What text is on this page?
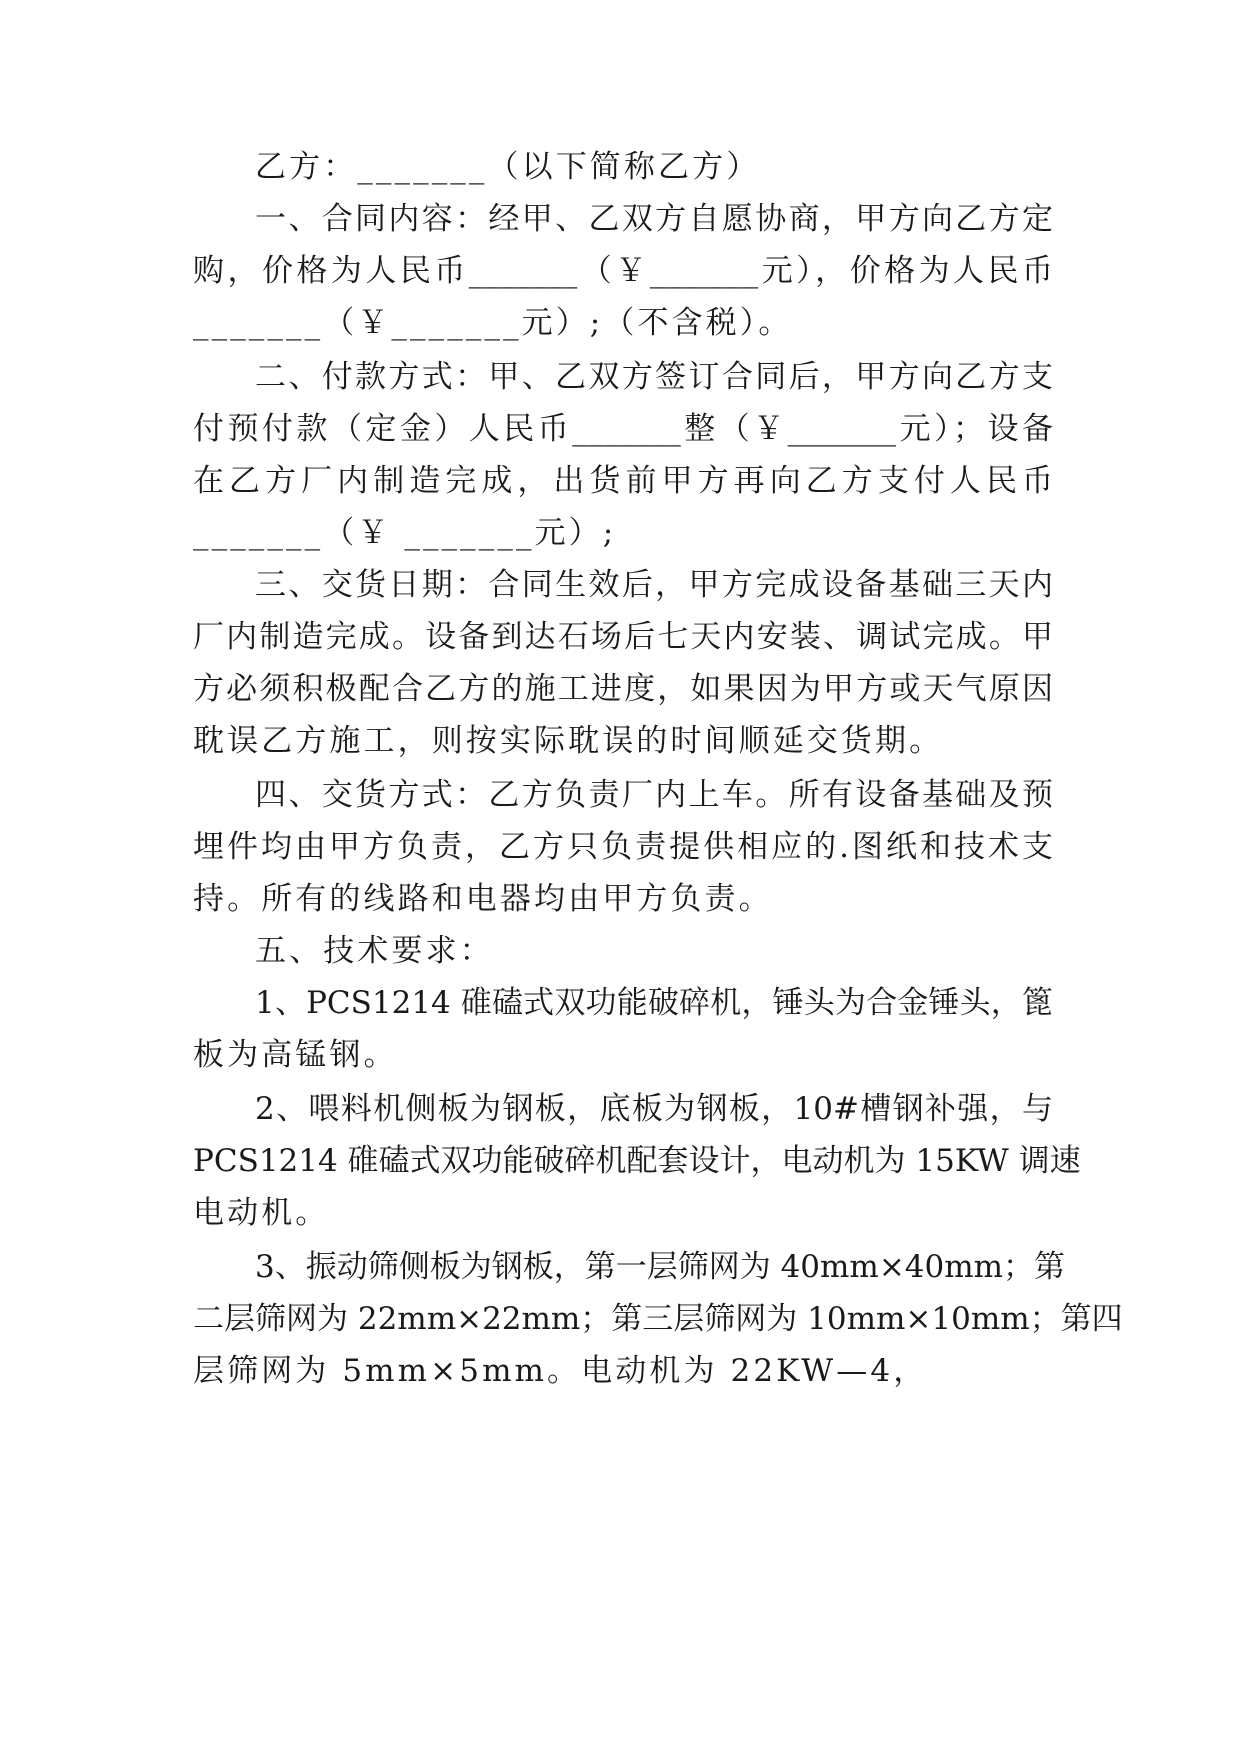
乙方：_______（以下简称乙方）

一、合同内容：经甲、乙双方自愿协商，甲方向乙方定

购，价格为人民币_______（￥_______元），价格为人民币

_______（￥_______元）;（不含税）。

二、付款方式：甲、乙双方签订合同后，甲方向乙方支

付预付款（定金）人民币_______整（￥_______元）；设备

在乙方厂内制造完成，出货前甲方再向乙方支付人民币

_______（￥ _______元）;

三、交货日期：合同生效后，甲方完成设备基础三天内

厂内制造完成。设备到达石场后七天内安装、调试完成。甲

方必须积极配合乙方的施工进度，如果因为甲方或天气原因

耽误乙方施工，则按实际耽误的时间顺延交货期。

四、交货方式：乙方负责厂内上车。所有设备基础及预

埋件均由甲方负责，乙方只负责提供相应的.图纸和技术支

持。所有的线路和电器均由甲方负责。

五、技术要求：

1、PCS1214 碓磕式双功能破碎机，锤头为合金锤头，篦

板为高锰钢。

2、喂料机侧板为钢板，底板为钢板，10#槽钢补强，与

PCS1214 碓磕式双功能破碎机配套设计，电动机为 15KW 调速

电动机。

3、振动筛侧板为钢板，第一层筛网为 40mm×40mm；第

二层筛网为 22mm×22mm；第三层筛网为 10mm×10mm；第四

层筛网为 5mm×5mm。电动机为 22KW—4，
